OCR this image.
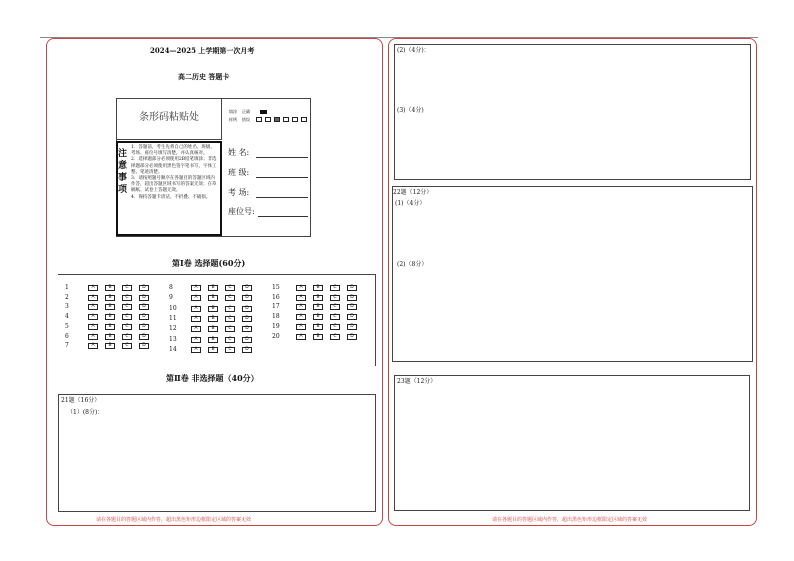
2024—2025 上学期第一次月考
高二历史 答题卡
条形码粘贴处
填涂
样例
正确
错误
注意事项
1．答题前，考生先将自己的姓名、班级、考场、座位号填写清楚，并认真核对。
2．选择题部分必须使用2B铅笔填涂；非选择题部分必须使用黑色签字笔书写，字体工整、笔迹清楚。
3．请按照题号顺序在各题目的答题区域内作答，超出答题区域书写的答案无效；在草稿纸、试卷上答题无效。
4．保持答题卡清洁，不折叠、不破损。
姓 名:
班 级:
考 场:
座位号:
第Ⅰ卷 选择题(60分)
1	A	B	C	D
2	A	B	C	D
3	A	B	C	D
4	A	B	C	D
5	A	B	C	D
6	A	B	C	D
7	A	B	C	D
8	A	B	C	D
9	A	B	C	D
10	A	B	C	D
11	A	B	C	D
12	A	B	C	D
13	A	B	C	D
14	A	B	C	D
15	A	B	C	D
16	A	B	C	D
17	A	B	C	D
18	A	B	C	D
19	A	B	C	D
20	A	B	C	D
第Ⅱ卷 非选择题（40分）
21题（16分）
（1）(8分)：
请在各题目的答题区域内作答，超出黑色矩形边框限定区域的答案无效
(2)（4分)：
(3)（4分)
22题（12分）
(1)（4分）
(2)（8分）
23题（12分）
请在各题目的答题区域内作答，超出黑色矩形边框限定区域的答案无效
